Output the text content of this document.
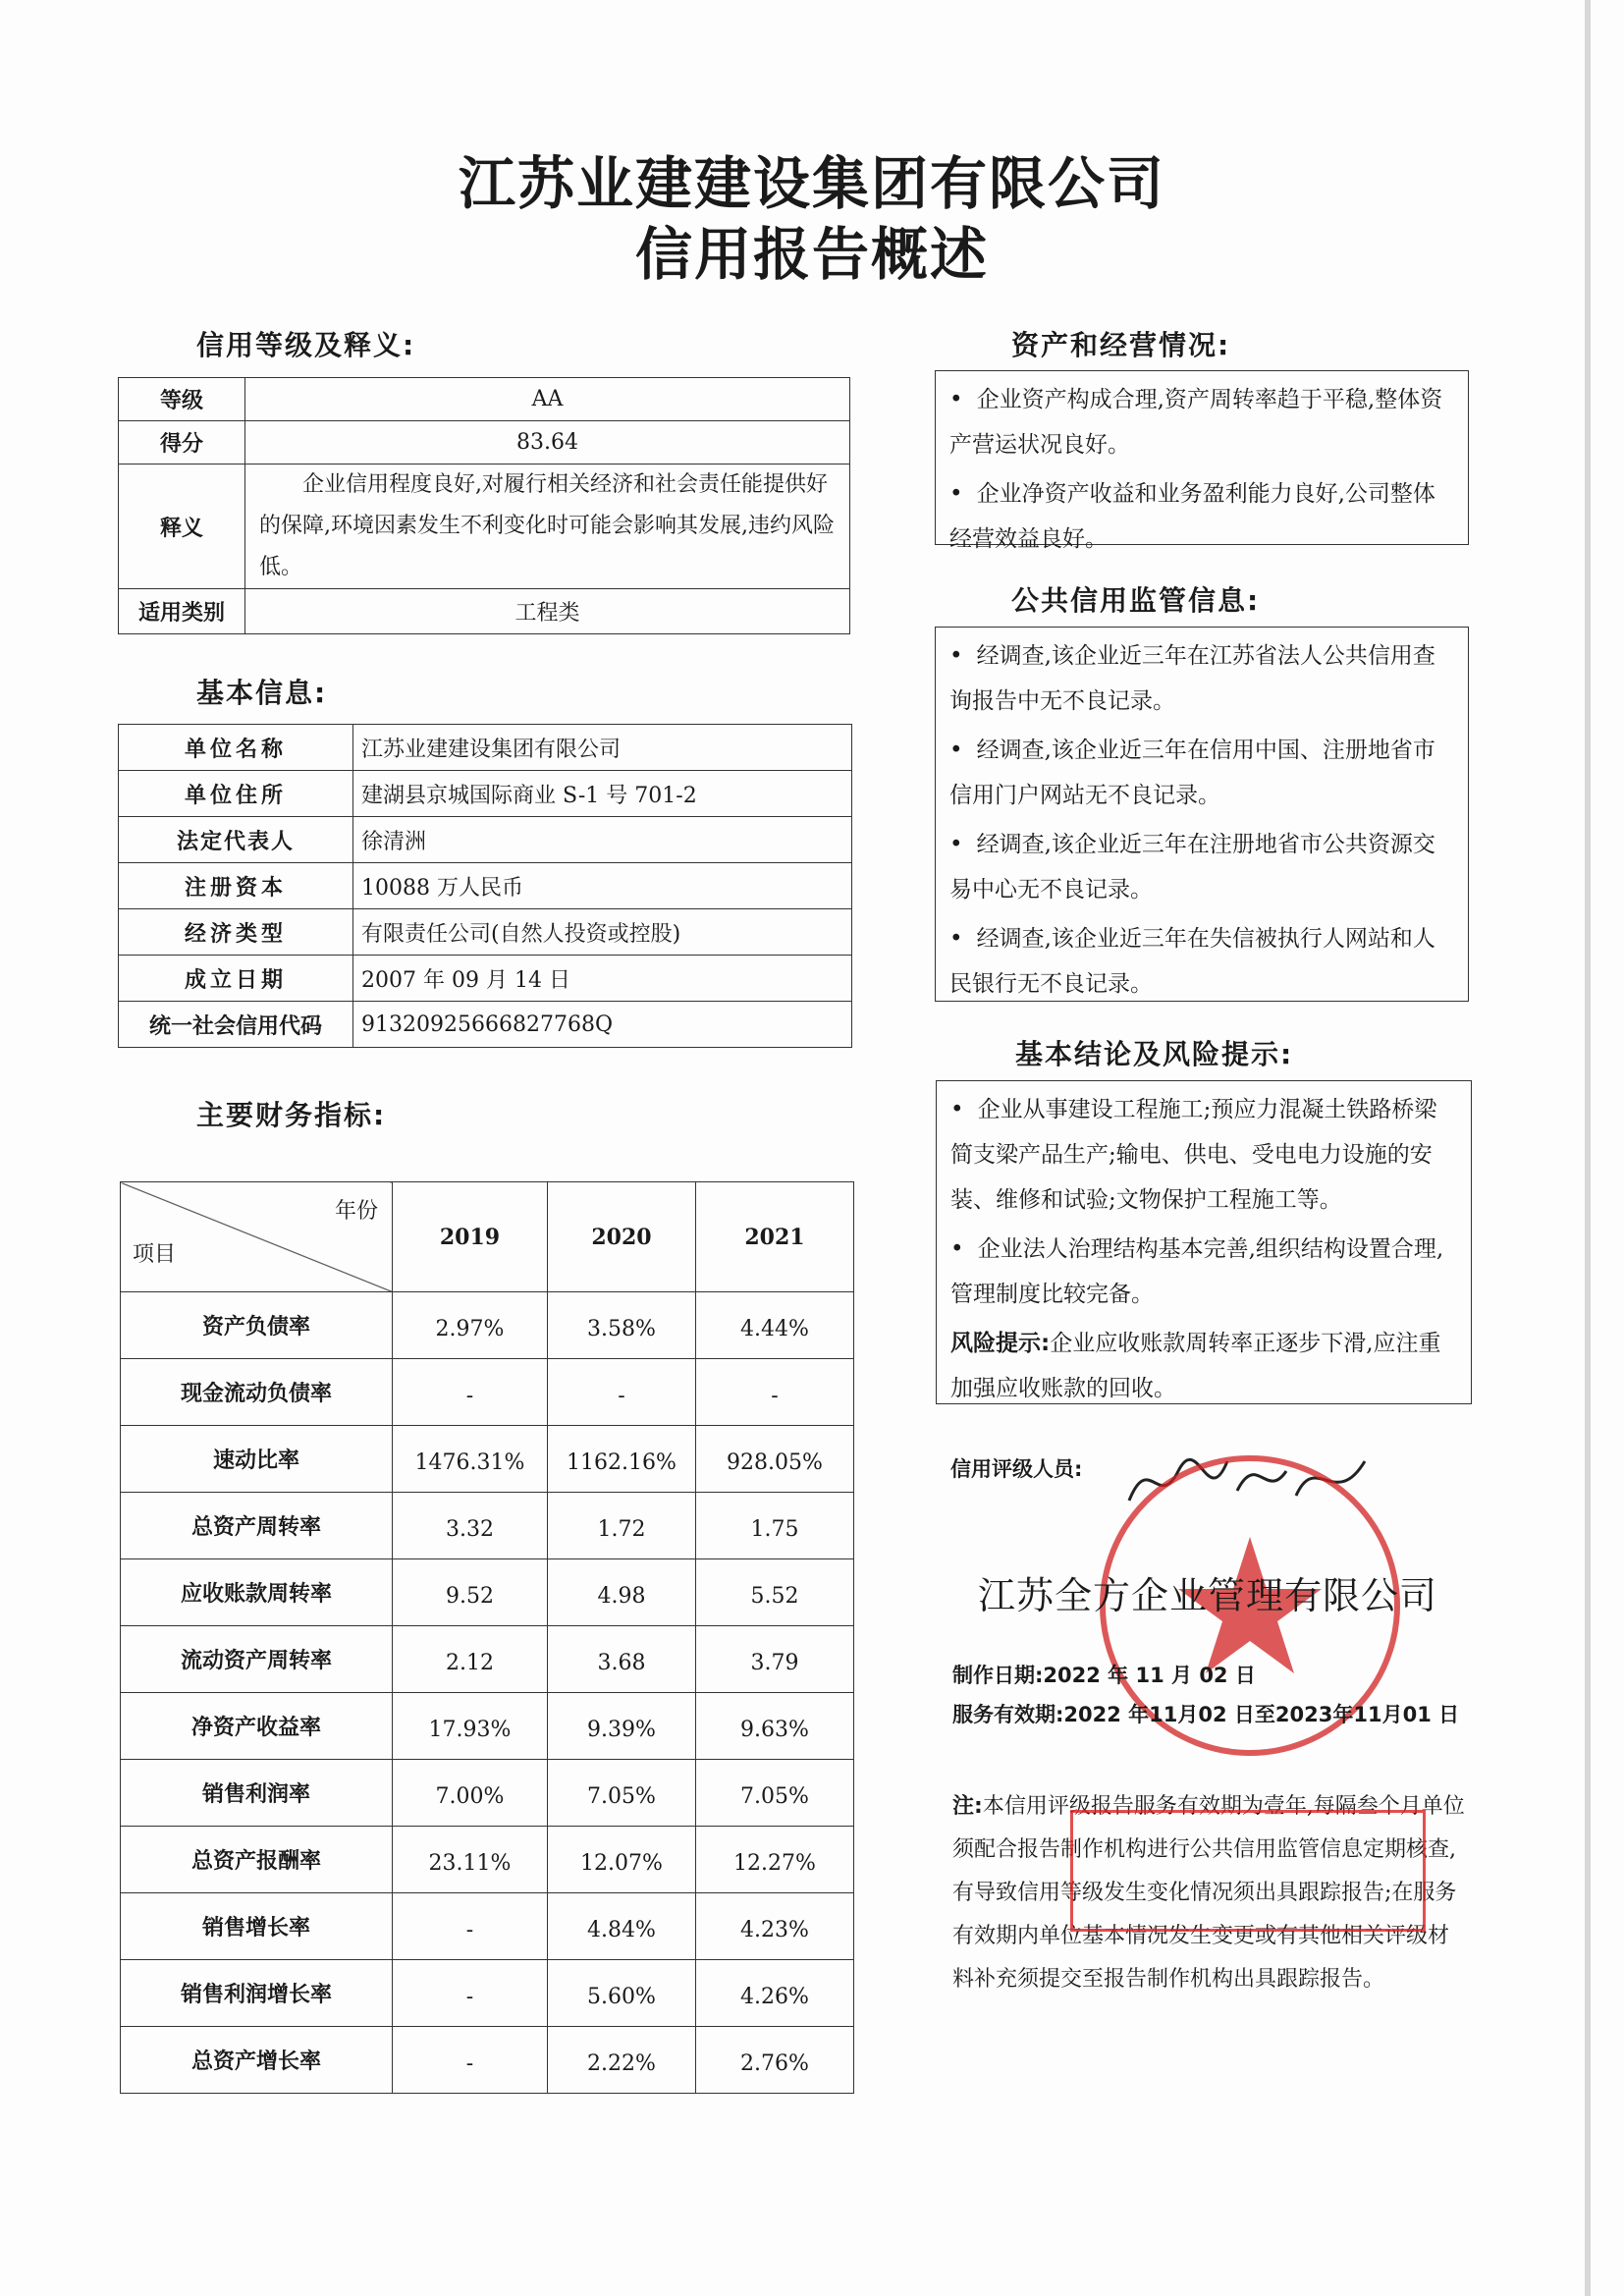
江苏业建建设集团有限公司
信用报告概述
信用等级及释义:
等级	AA
得分	83.64
释义	企业信用程度良好,对履行相关经济和社会责任能提供好的保障,环境因素发生不利变化时可能会影响其发展,违约风险低。
适用类别	工程类
基本信息:
单位名称	江苏业建建设集团有限公司
单位住所	建湖县京城国际商业 S-1 号 701-2
法定代表人	徐清洲
注册资本	10088 万人民币
经济类型	有限责任公司(自然人投资或控股)
成立日期	2007 年 09 月 14 日
统一社会信用代码	91320925666827768Q
主要财务指标:
年份
项目	2019	2020	2021
资产负债率	2.97%	3.58%	4.44%
现金流动负债率	-	-	-
速动比率	1476.31%	1162.16%	928.05%
总资产周转率	3.32	1.72	1.75
应收账款周转率	9.52	4.98	5.52
流动资产周转率	2.12	3.68	3.79
净资产收益率	17.93%	9.39%	9.63%
销售利润率	7.00%	7.05%	7.05%
总资产报酬率	23.11%	12.07%	12.27%
销售增长率	-	4.84%	4.23%
销售利润增长率	-	5.60%	4.26%
总资产增长率	-	2.22%	2.76%
资产和经营情况:

• 企业资产构成合理,资产周转率趋于平稳,整体资产营运状况良好。

• 企业净资产收益和业务盈利能力良好,公司整体经营效益良好。

公共信用监管信息:

• 经调查,该企业近三年在江苏省法人公共信用查询报告中无不良记录。

• 经调查,该企业近三年在信用中国、注册地省市信用门户网站无不良记录。

• 经调查,该企业近三年在注册地省市公共资源交易中心无不良记录。

• 经调查,该企业近三年在失信被执行人网站和人民银行无不良记录。

基本结论及风险提示:

• 企业从事建设工程施工;预应力混凝土铁路桥梁简支梁产品生产;输电、供电、受电电力设施的安装、维修和试验;文物保护工程施工等。

• 企业法人治理结构基本完善,组织结构设置合理,管理制度比较完备。

风险提示:企业应收账款周转率正逐步下滑,应注重加强应收账款的回收。

信用评级人员:
江苏全方企业管理有限公司
制作日期:2022 年 11 月 02 日
服务有效期:2022 年11月02 日至2023年11月01 日
注:本信用评级报告服务有效期为壹年,每隔叁个月单位须配合报告制作机构进行公共信用监管信息定期核查,有导致信用等级发生变化情况须出具跟踪报告;在服务有效期内单位基本情况发生变更或有其他相关评级材料补充须提交至报告制作机构出具跟踪报告。
